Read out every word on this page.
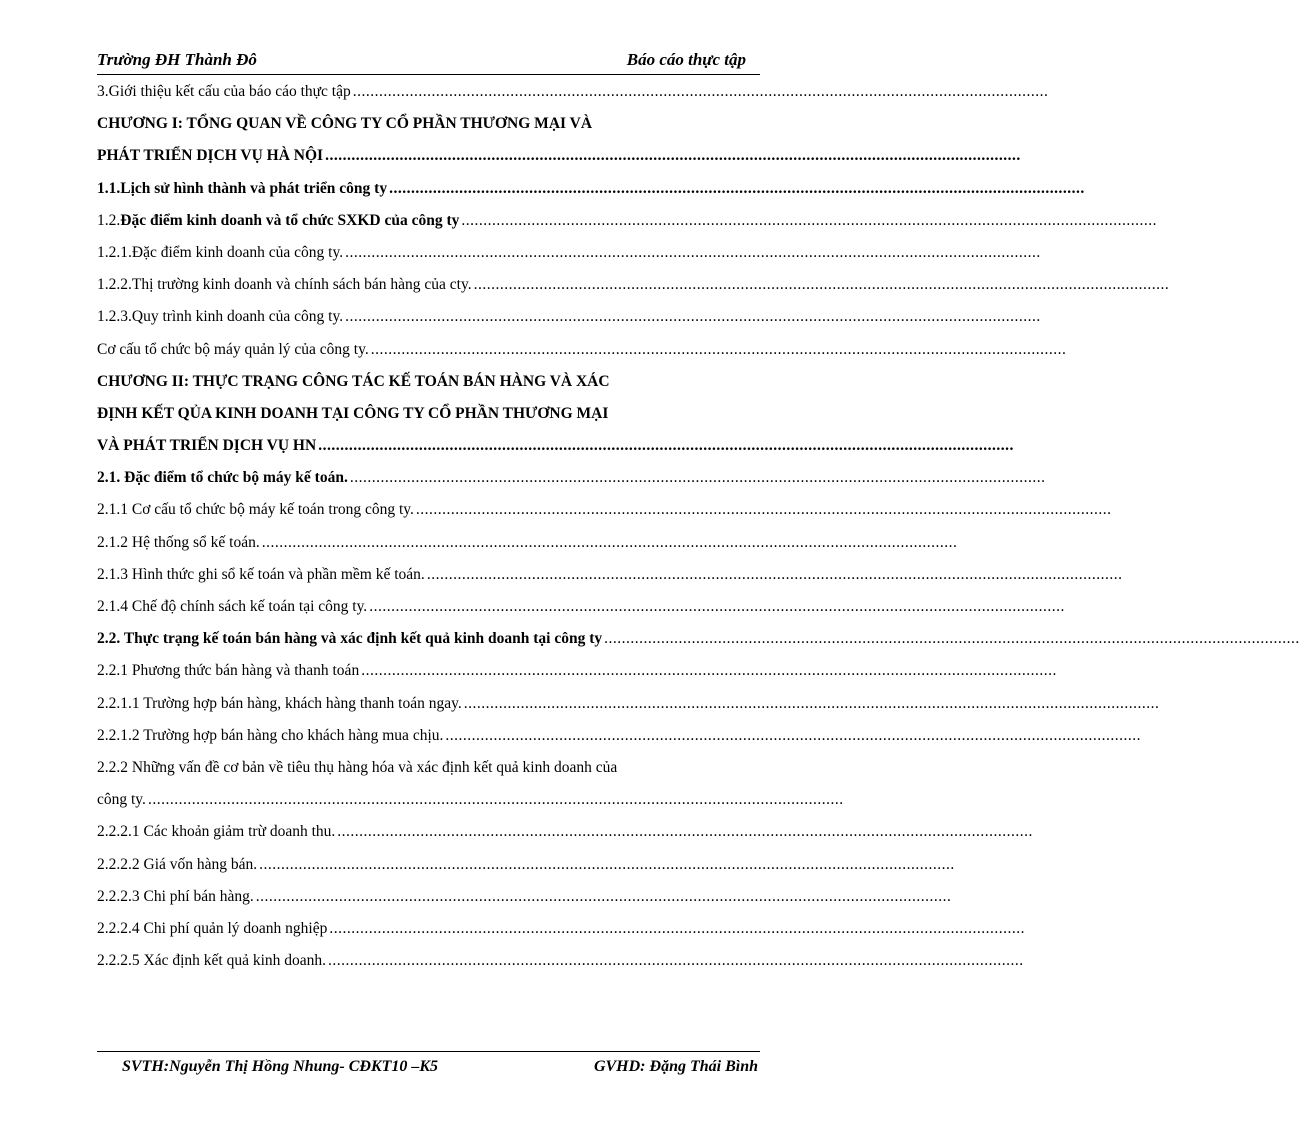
Trường ĐH Thành Đô	Báo cáo thực tập
3.Giới thiệu kết cấu của báo cáo thực tập ...............................................................................................................................................................
CHƯƠNG I: TỔNG QUAN VỀ CÔNG TY CỔ PHẦN THƯƠNG MẠI VÀ
PHÁT TRIỂN DỊCH VỤ HÀ NỘI ...............................................................................................................................................................
1.1. Lịch sử hình thành và phát triển công ty ...............................................................................................................................................................
1.2. Đặc điểm kinh doanh và tổ chức SXKD của công ty ...............................................................................................................................................................
1.2.1. Đặc điểm kinh doanh của công ty. ...............................................................................................................................................................
1.2.2. Thị trường kinh doanh và chính sách bán hàng của cty. ...............................................................................................................................................................
1.2.3. Quy trình kinh doanh của công ty. ...............................................................................................................................................................
Cơ cấu tổ chức bộ máy quản lý của công ty. ...............................................................................................................................................................
CHƯƠNG II: THỰC TRẠNG CÔNG TÁC KẾ TOÁN BÁN HÀNG VÀ XÁC
ĐỊNH KẾT QỦA KINH DOANH TẠI CÔNG TY CỔ PHẦN THƯƠNG MẠI
VÀ PHÁT TRIỂN DỊCH VỤ HN ...............................................................................................................................................................
2.1. Đặc điểm tổ chức bộ máy kế toán. ...............................................................................................................................................................
2.1.1 Cơ cấu tổ chức bộ máy kế toán trong công ty. ...............................................................................................................................................................
2.1.2 Hệ thống sổ kế toán. ...............................................................................................................................................................
2.1.3 Hình thức ghi sổ kế toán và phần mềm kế toán. ...............................................................................................................................................................
2.1.4 Chế độ chính sách kế toán tại công ty. ...............................................................................................................................................................
2.2. Thực trạng kế toán bán hàng và xác định kết quả kinh doanh tại công ty ...............................................................................................................................................................
2.2.1 Phương thức bán hàng và thanh toán ...............................................................................................................................................................
2.2.1.1 Trường hợp bán hàng, khách hàng thanh toán ngay. ...............................................................................................................................................................
2.2.1.2 Trường hợp bán hàng cho khách hàng mua chịu. ...............................................................................................................................................................
2.2.2 Những vấn đề cơ bản về tiêu thụ hàng hóa và xác định kết quả kinh doanh của
công ty. ...............................................................................................................................................................
2.2.2.1 Các khoản giảm trừ doanh thu. ...............................................................................................................................................................
2.2.2.2 Giá vốn hàng bán. ...............................................................................................................................................................
2.2.2.3 Chi phí bán hàng. ...............................................................................................................................................................
2.2.2.4 Chi phí quản lý doanh nghiệp ...............................................................................................................................................................
2.2.2.5 Xác định kết quả kinh doanh. ...............................................................................................................................................................
SVTH:Nguyễn Thị Hồng Nhung- CĐKT10 –K5	GVHD: Đặng Thái Bình
